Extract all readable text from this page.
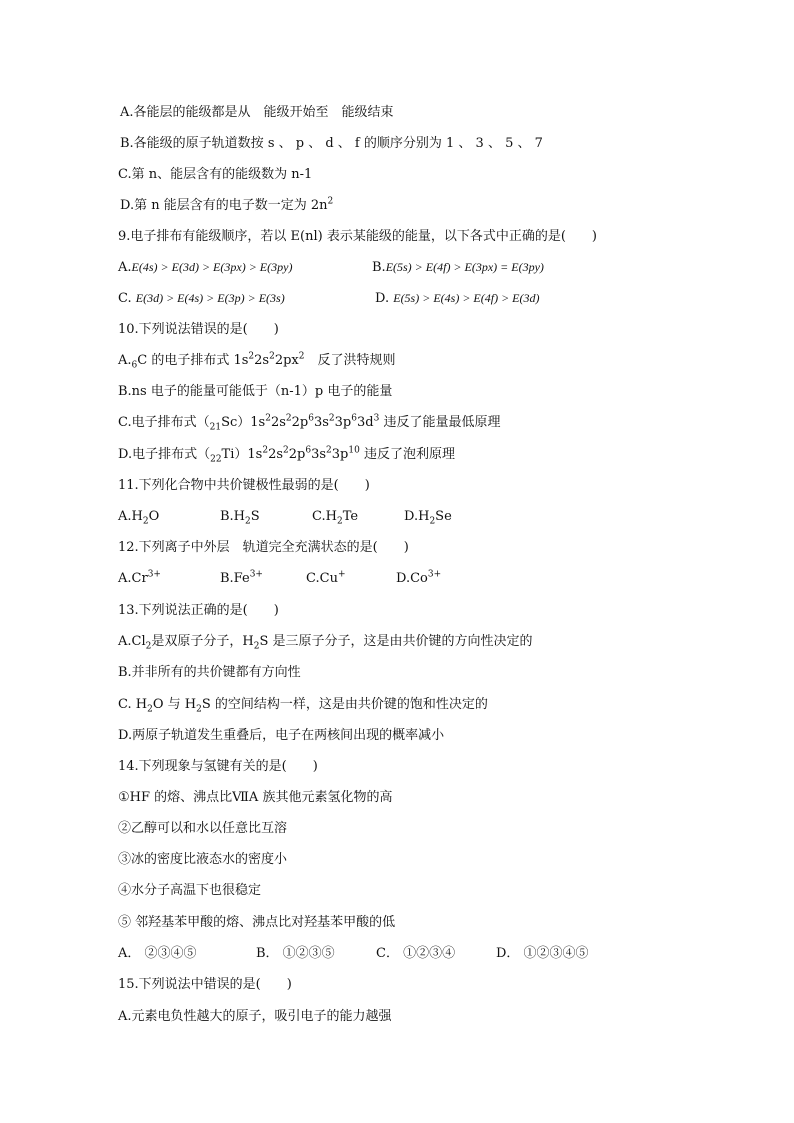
A.各能层的能级都是从　能级开始至　能级结束
B.各能级的原子轨道数按 s 、 p 、 d 、 f 的顺序分别为 1 、 3 、 5 、 7
C.第 n、能层含有的能级数为 n-1
D.第 n 能层含有的电子数一定为 $2n^2$
9.电子排布有能级顺序，若以 E(nl) 表示某能级的能量，以下各式中正确的是(　　)
A.E(4s) > E(3d) > E(3px) > E(3py)	B.E(5s) > E(4f) > E(3px) = E(3py)
C. E(3d) > E(4s) > E(3p) > E(3s)	D. E(5s) > E(4s) > E(4f) > E(3d)
10.下列说法错误的是(　　)
$A._6C$ 的电子排布式 $1s^22s^22px^2$　反了洪特规则
B.ns 电子的能量可能低于（n-1）p 电子的能量
C.电子排布式$(_{21}Sc)1s^22s^22p^63s^23p^63d^3$ 违反了能量最低原理
D.电子排布式$(_{22}Ti)1s^22s^22p^63s^23p^{10}$ 违反了泡利原理
11.下列化合物中共价键极性最弱的是(　　)
$A.H_2O$	$B.H_2S$	$C.H_2Te$	$D.H_2Se$
12.下列离子中外层　轨道完全充满状态的是(　　)
$A.Cr^{3+}$	$B.Fe^{3+}$	C.Cu+	$D.Co^{3+}$
13.下列说法正确的是(　　)
$A.Cl_2$是双原子分子，$H_2S$ 是三原子分子，这是由共价键的方向性决定的
B.并非所有的共价键都有方向性
C. $H_2O$ 与 $H_2S$ 的空间结构一样，这是由共价键的饱和性决定的
D.两原子轨道发生重叠后，电子在两核间出现的概率减小
14.下列现象与氢键有关的是(　　)
①HF 的熔、沸点比ⅦA 族其他元素氢化物的高
②乙醇可以和水以任意比互溶
③冰的密度比液态水的密度小
④水分子高温下也很稳定
⑤ 邻羟基苯甲酸的熔、沸点比对羟基苯甲酸的低
A． ②③④⑤	B． ①②③⑤	C． ①②③④	D． ①②③④⑤
15.下列说法中错误的是(　　)
A.元素电负性越大的原子，吸引电子的能力越强
